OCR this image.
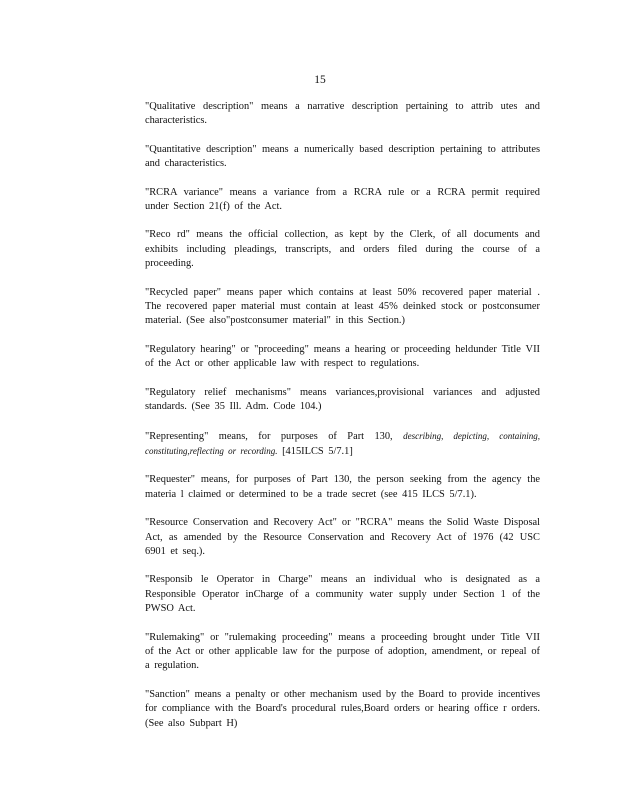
15

"Qualitative description" means a narrative description pertaining to attrib utes and characteristics.

"Quantitative description" means a numerically based description pertaining to attributes and characteristics.

"RCRA variance" means a variance from a RCRA rule or a RCRA permit required under Section 21(f) of the Act.

"Reco rd" means the official collection, as kept by the Clerk, of all documents and exhibits including pleadings, transcripts, and orders filed during the course of a proceeding.

"Recycled paper" means paper which contains at least 50% recovered paper material . The recovered paper material must contain at least 45% deinked stock or postconsumer material. (See also"postconsumer material" in this Section.)

"Regulatory hearing" or "proceeding" means a hearing or proceeding heldunder Title VII of the Act or other applicable law with respect to regulations.

"Regulatory relief mechanisms" means variances,provisional variances and adjusted standards. (See 35 Ill. Adm. Code 104.)

"Representing" means, for purposes of Part 130, describing, depicting, containing, constituting,reflecting or recording. [415ILCS 5/7.1]

"Requester" means, for purposes of Part 130, the person seeking from the agency the materia l claimed or determined to be a trade secret (see 415 ILCS 5/7.1).

"Resource Conservation and Recovery Act" or "RCRA" means the Solid Waste Disposal Act, as amended by the Resource Conservation and Recovery Act of 1976 (42 USC 6901 et seq.).

"Responsib le Operator in Charge" means an individual who is designated as a Responsible Operator inCharge of a community water supply under Section 1 of the PWSO Act.

"Rulemaking" or "rulemaking proceeding" means a proceeding brought under Title VII of the Act or other applicable law for the purpose of adoption, amendment, or repeal of a regulation.

"Sanction" means a penalty or other mechanism used by the Board to provide incentives for compliance with the Board's procedural rules,Board orders or hearing office r orders.(See also Subpart H)
